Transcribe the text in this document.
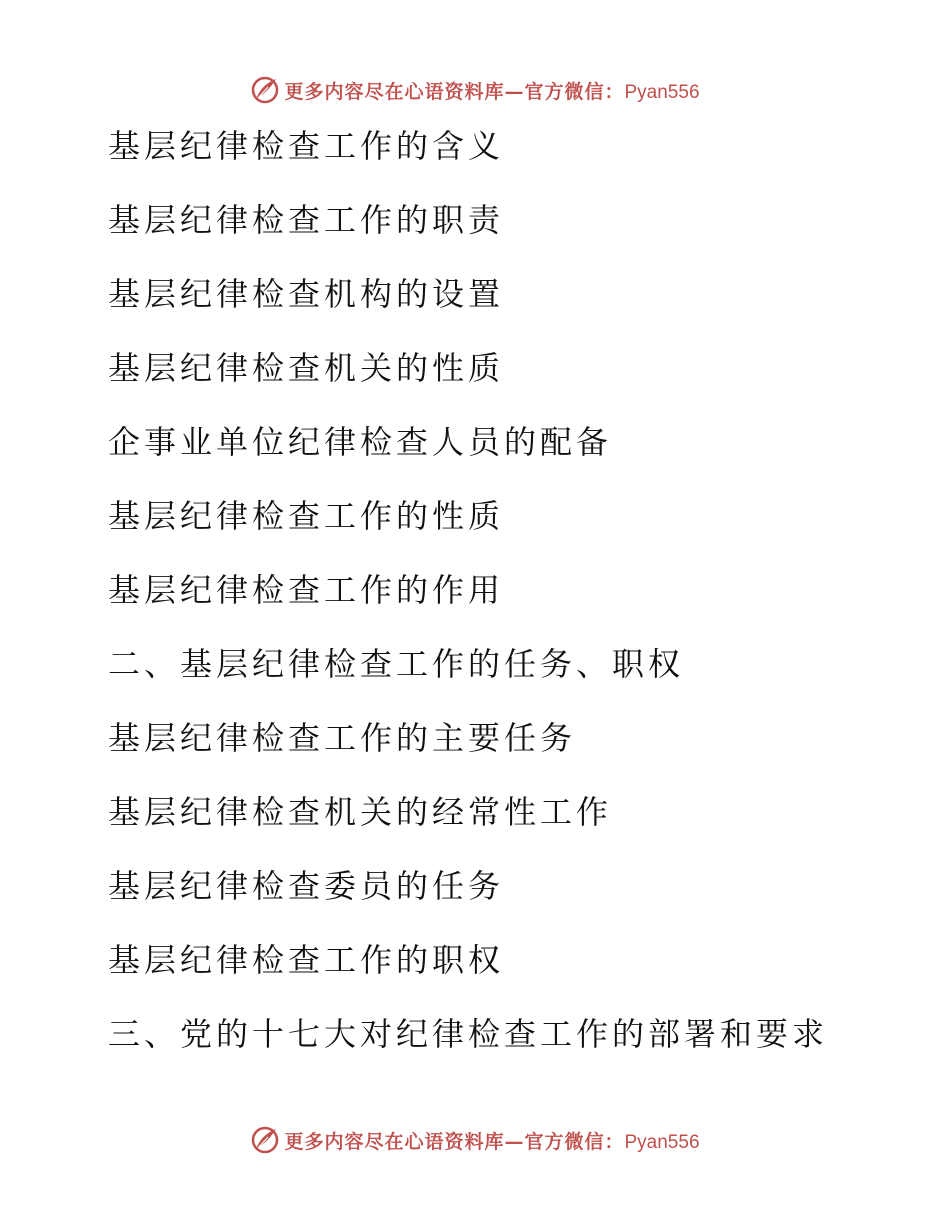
更多内容尽在心语资料库—官方微信：Pyan556
基层纪律检查工作的含义
基层纪律检查工作的职责
基层纪律检查机构的设置
基层纪律检查机关的性质
企事业单位纪律检查人员的配备
基层纪律检查工作的性质
基层纪律检查工作的作用
二、基层纪律检查工作的任务、职权
基层纪律检查工作的主要任务
基层纪律检查机关的经常性工作
基层纪律检查委员的任务
基层纪律检查工作的职权
三、党的十七大对纪律检查工作的部署和要求
更多内容尽在心语资料库—官方微信：Pyan556
